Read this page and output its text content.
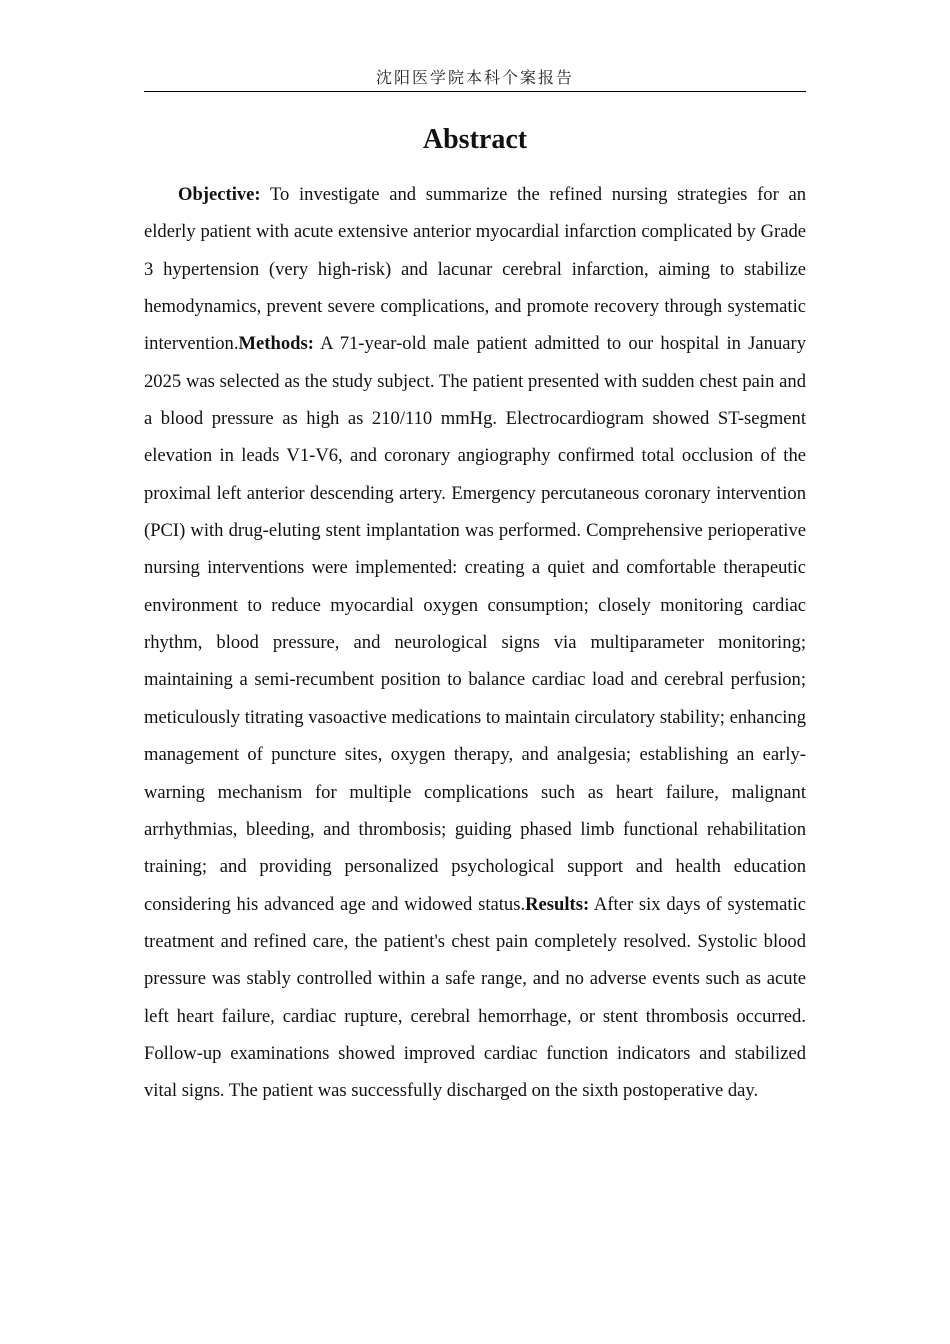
沈阳医学院本科个案报告
Abstract

Objective: To investigate and summarize the refined nursing strategies for an elderly patient with acute extensive anterior myocardial infarction complicated by Grade 3 hypertension (very high-risk) and lacunar cerebral infarction, aiming to stabilize hemodynamics, prevent severe complications, and promote recovery through systematic intervention.Methods: A 71-year-old male patient admitted to our hospital in January 2025 was selected as the study subject. The patient presented with sudden chest pain and a blood pressure as high as 210/110 mmHg. Electrocardiogram showed ST-segment elevation in leads V1-V6, and coronary angiography confirmed total occlusion of the proximal left anterior descending artery. Emergency percutaneous coronary intervention (PCI) with drug-eluting stent implantation was performed. Comprehensive perioperative nursing interventions were implemented: creating a quiet and comfortable therapeutic environment to reduce myocardial oxygen consumption; closely monitoring cardiac rhythm, blood pressure, and neurological signs via multiparameter monitoring; maintaining a semi-recumbent position to balance cardiac load and cerebral perfusion; meticulously titrating vasoactive medications to maintain circulatory stability; enhancing management of puncture sites, oxygen therapy, and analgesia; establishing an early-warning mechanism for multiple complications such as heart failure, malignant arrhythmias, bleeding, and thrombosis; guiding phased limb functional rehabilitation training; and providing personalized psychological support and health education considering his advanced age and widowed status.Results: After six days of systematic treatment and refined care, the patient's chest pain completely resolved. Systolic blood pressure was stably controlled within a safe range, and no adverse events such as acute left heart failure, cardiac rupture, cerebral hemorrhage, or stent thrombosis occurred. Follow-up examinations showed improved cardiac function indicators and stabilized vital signs. The patient was successfully discharged on the sixth postoperative day.
